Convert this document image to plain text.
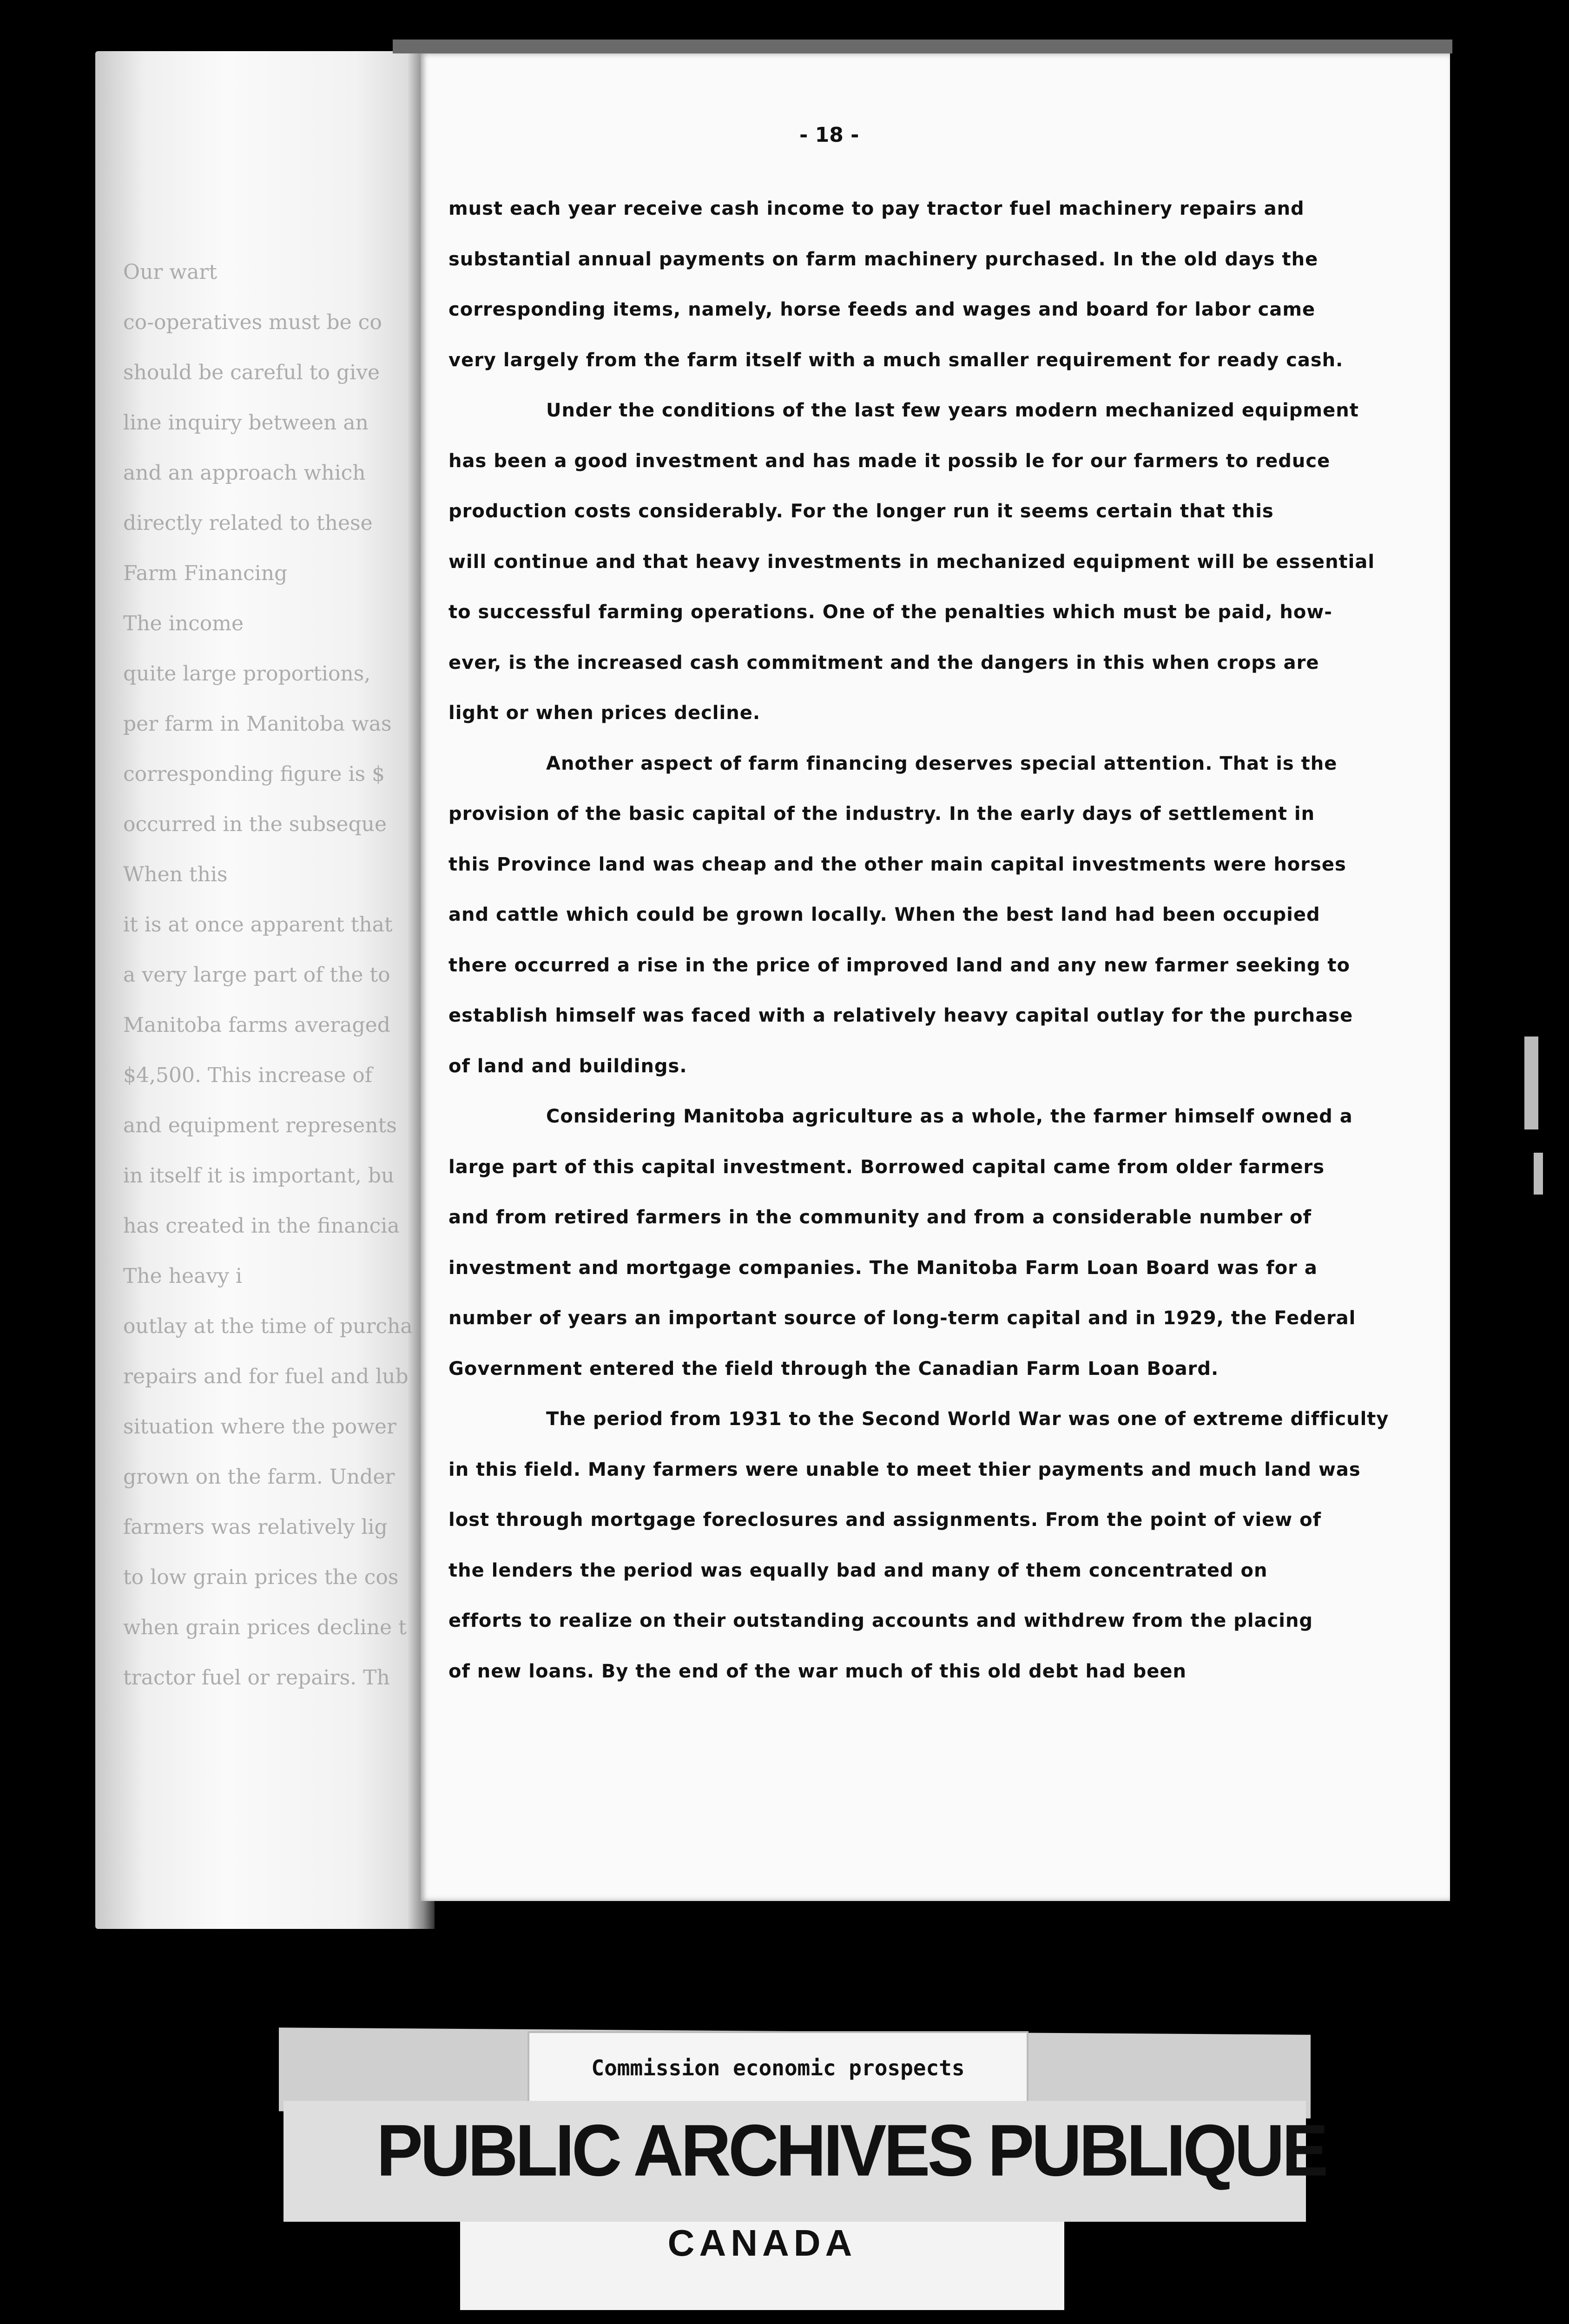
Our wart
co-operatives must be co
should be careful to give
line inquiry between an
and an approach which
directly related to these
Farm Financing
The income
quite large proportions,
per farm in Manitoba was
corresponding figure is $
occurred in the subseque
When this
it is at once apparent that
a very large part of the to
Manitoba farms averaged
$4,500. This increase of
and equipment represents
in itself it is important, bu
has created in the financia
The heavy i
outlay at the time of purcha
repairs and for fuel and lub
situation where the power
grown on the farm. Under
farmers was relatively lig
to low grain prices the cos
when grain prices decline t
tractor fuel or repairs. Th
- 18 -
must each year receive cash income to pay tractor fuel machinery repairs and
substantial annual payments on farm machinery purchased. In the old days the
corresponding items, namely, horse feeds and wages and board for labor came
very largely from the farm itself with a much smaller requirement for ready cash.
Under the conditions of the last few years modern mechanized equipment
has been a good investment and has made it possib le for our farmers to reduce
production costs considerably. For the longer run it seems certain that this
will continue and that heavy investments in mechanized equipment will be essential
to successful farming operations. One of the penalties which must be paid, how-
ever, is the increased cash commitment and the dangers in this when crops are
light or when prices decline.
Another aspect of farm financing deserves special attention. That is the
provision of the basic capital of the industry. In the early days of settlement in
this Province land was cheap and the other main capital investments were horses
and cattle which could be grown locally. When the best land had been occupied
there occurred a rise in the price of improved land and any new farmer seeking to
establish himself was faced with a relatively heavy capital outlay for the purchase
of land and buildings.
Considering Manitoba agriculture as a whole, the farmer himself owned a
large part of this capital investment. Borrowed capital came from older farmers
and from retired farmers in the community and from a considerable number of
investment and mortgage companies. The Manitoba Farm Loan Board was for a
number of years an important source of long-term capital and in 1929, the Federal
Government entered the field through the Canadian Farm Loan Board.
The period from 1931 to the Second World War was one of extreme difficulty
in this field. Many farmers were unable to meet thier payments and much land was
lost through mortgage foreclosures and assignments. From the point of view of
the lenders the period was equally bad and many of them concentrated on
efforts to realize on their outstanding accounts and withdrew from the placing
of new loans. By the end of the war much of this old debt had been
Commission economic prospects
PUBLIC ARCHIVES PUBLIQUE
CANADA
